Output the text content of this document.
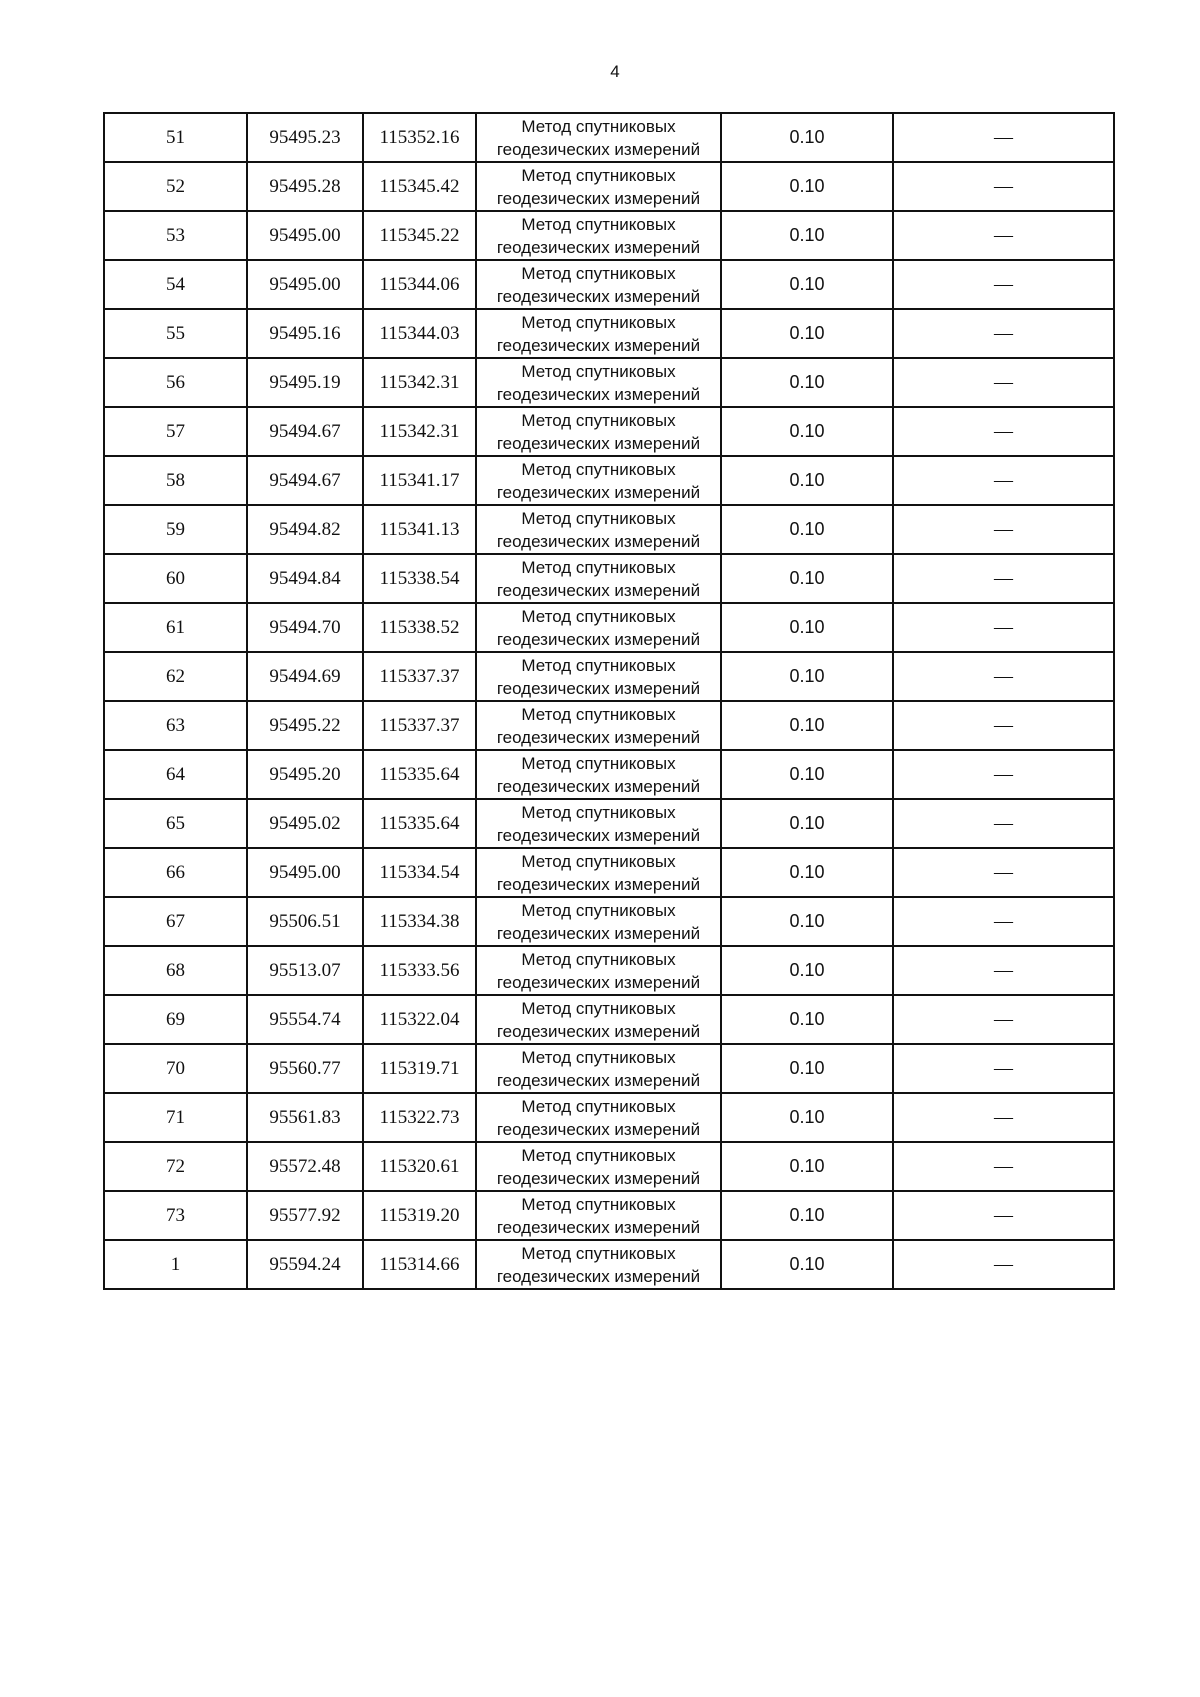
4
51	95495.23	115352.16	Метод спутниковых
геодезических измерений	0.10	—
52	95495.28	115345.42	Метод спутниковых
геодезических измерений	0.10	—
53	95495.00	115345.22	Метод спутниковых
геодезических измерений	0.10	—
54	95495.00	115344.06	Метод спутниковых
геодезических измерений	0.10	—
55	95495.16	115344.03	Метод спутниковых
геодезических измерений	0.10	—
56	95495.19	115342.31	Метод спутниковых
геодезических измерений	0.10	—
57	95494.67	115342.31	Метод спутниковых
геодезических измерений	0.10	—
58	95494.67	115341.17	Метод спутниковых
геодезических измерений	0.10	—
59	95494.82	115341.13	Метод спутниковых
геодезических измерений	0.10	—
60	95494.84	115338.54	Метод спутниковых
геодезических измерений	0.10	—
61	95494.70	115338.52	Метод спутниковых
геодезических измерений	0.10	—
62	95494.69	115337.37	Метод спутниковых
геодезических измерений	0.10	—
63	95495.22	115337.37	Метод спутниковых
геодезических измерений	0.10	—
64	95495.20	115335.64	Метод спутниковых
геодезических измерений	0.10	—
65	95495.02	115335.64	Метод спутниковых
геодезических измерений	0.10	—
66	95495.00	115334.54	Метод спутниковых
геодезических измерений	0.10	—
67	95506.51	115334.38	Метод спутниковых
геодезических измерений	0.10	—
68	95513.07	115333.56	Метод спутниковых
геодезических измерений	0.10	—
69	95554.74	115322.04	Метод спутниковых
геодезических измерений	0.10	—
70	95560.77	115319.71	Метод спутниковых
геодезических измерений	0.10	—
71	95561.83	115322.73	Метод спутниковых
геодезических измерений	0.10	—
72	95572.48	115320.61	Метод спутниковых
геодезических измерений	0.10	—
73	95577.92	115319.20	Метод спутниковых
геодезических измерений	0.10	—
1	95594.24	115314.66	Метод спутниковых
геодезических измерений	0.10	—
